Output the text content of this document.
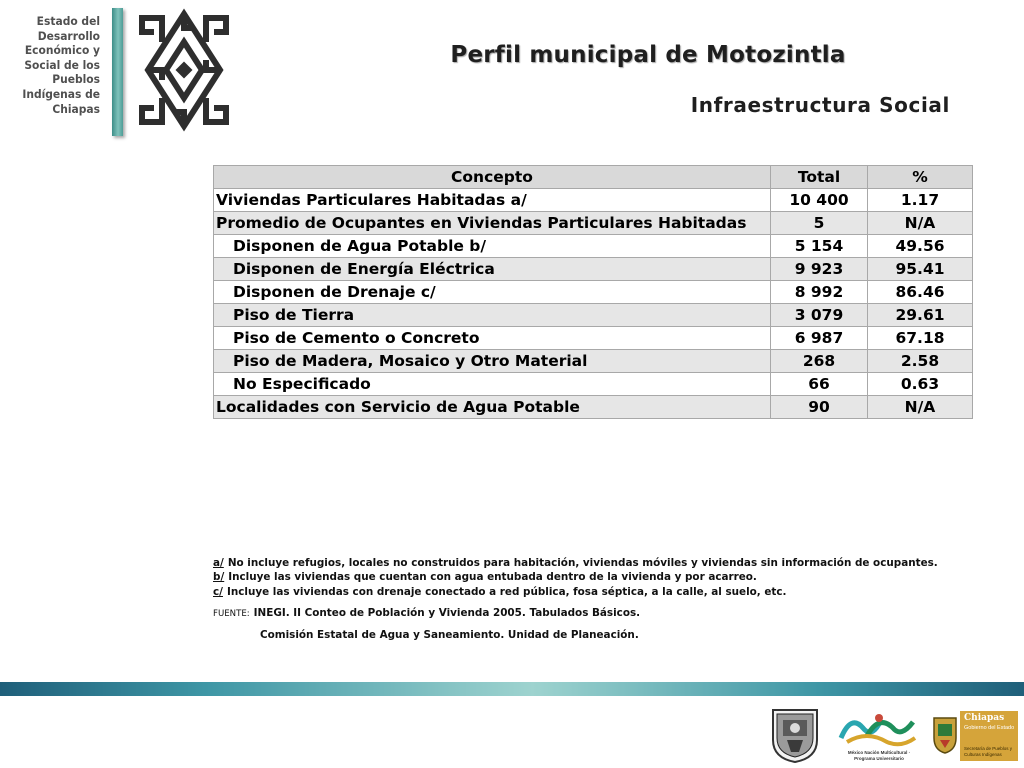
Estado del
Desarrollo
Económico y
Social de los
Pueblos
Indígenas de
Chiapas
Perfil municipal de Motozintla
Infraestructura Social
Concepto	Total	%
Viviendas Particulares Habitadas a/	10 400	1.17
Promedio de Ocupantes en Viviendas Particulares Habitadas	5	N/A
Disponen de Agua Potable b/	5 154	49.56
Disponen de Energía Eléctrica	9 923	95.41
Disponen de Drenaje c/	8 992	86.46
Piso de Tierra	3 079	29.61
Piso de Cemento o Concreto	6 987	67.18
Piso de Madera, Mosaico y Otro Material	268	2.58
No Especificado	66	0.63
Localidades con Servicio de Agua Potable	90	N/A
a/ No incluye refugios, locales no construidos para habitación, viviendas móviles y viviendas sin información de ocupantes.
b/ Incluye las viviendas que cuentan con agua entubada dentro de la vivienda y por acarreo.
c/ Incluye las viviendas con drenaje conectado a red pública, fosa séptica, a la calle, al suelo, etc.
FUENTE: INEGI. II Conteo de Población y Vivienda 2005. Tabulados Básicos.
Comisión Estatal de Agua y Saneamiento. Unidad de Planeación.
México Nación Multicultural · Programa Universitario
Chiapas
Gobierno del Estado
Secretaría de Pueblos y Culturas Indígenas
